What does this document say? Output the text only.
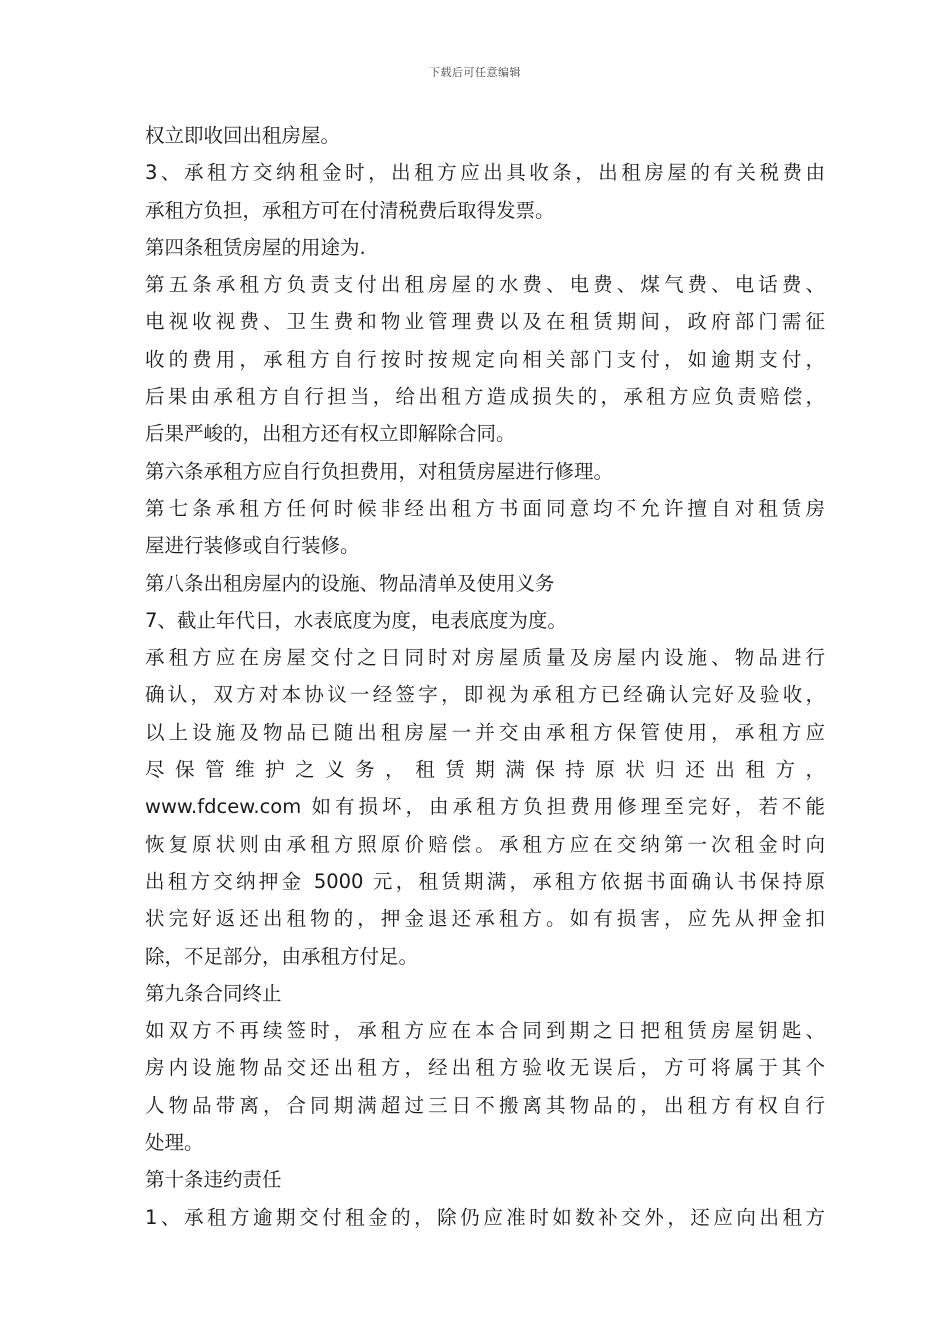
下载后可任意编辑
权立即收回出租房屋。
3、承租方交纳租金时，出租方应出具收条，出租房屋的有关税费由
承租方负担，承租方可在付清税费后取得发票。
第四条租赁房屋的用途为.
第五条承租方负责支付出租房屋的水费、电费、煤气费、电话费、
电视收视费、卫生费和物业管理费以及在租赁期间，政府部门需征
收的费用，承租方自行按时按规定向相关部门支付，如逾期支付，
后果由承租方自行担当，给出租方造成损失的，承租方应负责赔偿，
后果严峻的，出租方还有权立即解除合同。
第六条承租方应自行负担费用，对租赁房屋进行修理。
第七条承租方任何时候非经出租方书面同意均不允许擅自对租赁房
屋进行装修或自行装修。
第八条出租房屋内的设施、物品清单及使用义务
7、截止年代日，水表底度为度，电表底度为度。
承租方应在房屋交付之日同时对房屋质量及房屋内设施、物品进行
确认，双方对本协议一经签字，即视为承租方已经确认完好及验收，
以上设施及物品已随出租房屋一并交由承租方保管使用，承租方应
尽 保 管 维 护 之 义 务 ， 租 赁 期 满 保 持 原 状 归 还 出 租 方 ，
www.fdcew.com 如有损坏，由承租方负担费用修理至完好，若不能
恢复原状则由承租方照原价赔偿。承租方应在交纳第一次租金时向
出租方交纳押金 5000 元，租赁期满，承租方依据书面确认书保持原
状完好返还出租物的，押金退还承租方。如有损害，应先从押金扣
除，不足部分，由承租方付足。
第九条合同终止
如双方不再续签时，承租方应在本合同到期之日把租赁房屋钥匙、
房内设施物品交还出租方，经出租方验收无误后，方可将属于其个
人物品带离，合同期满超过三日不搬离其物品的，出租方有权自行
处理。
第十条违约责任
1、承租方逾期交付租金的，除仍应准时如数补交外，还应向出租方
